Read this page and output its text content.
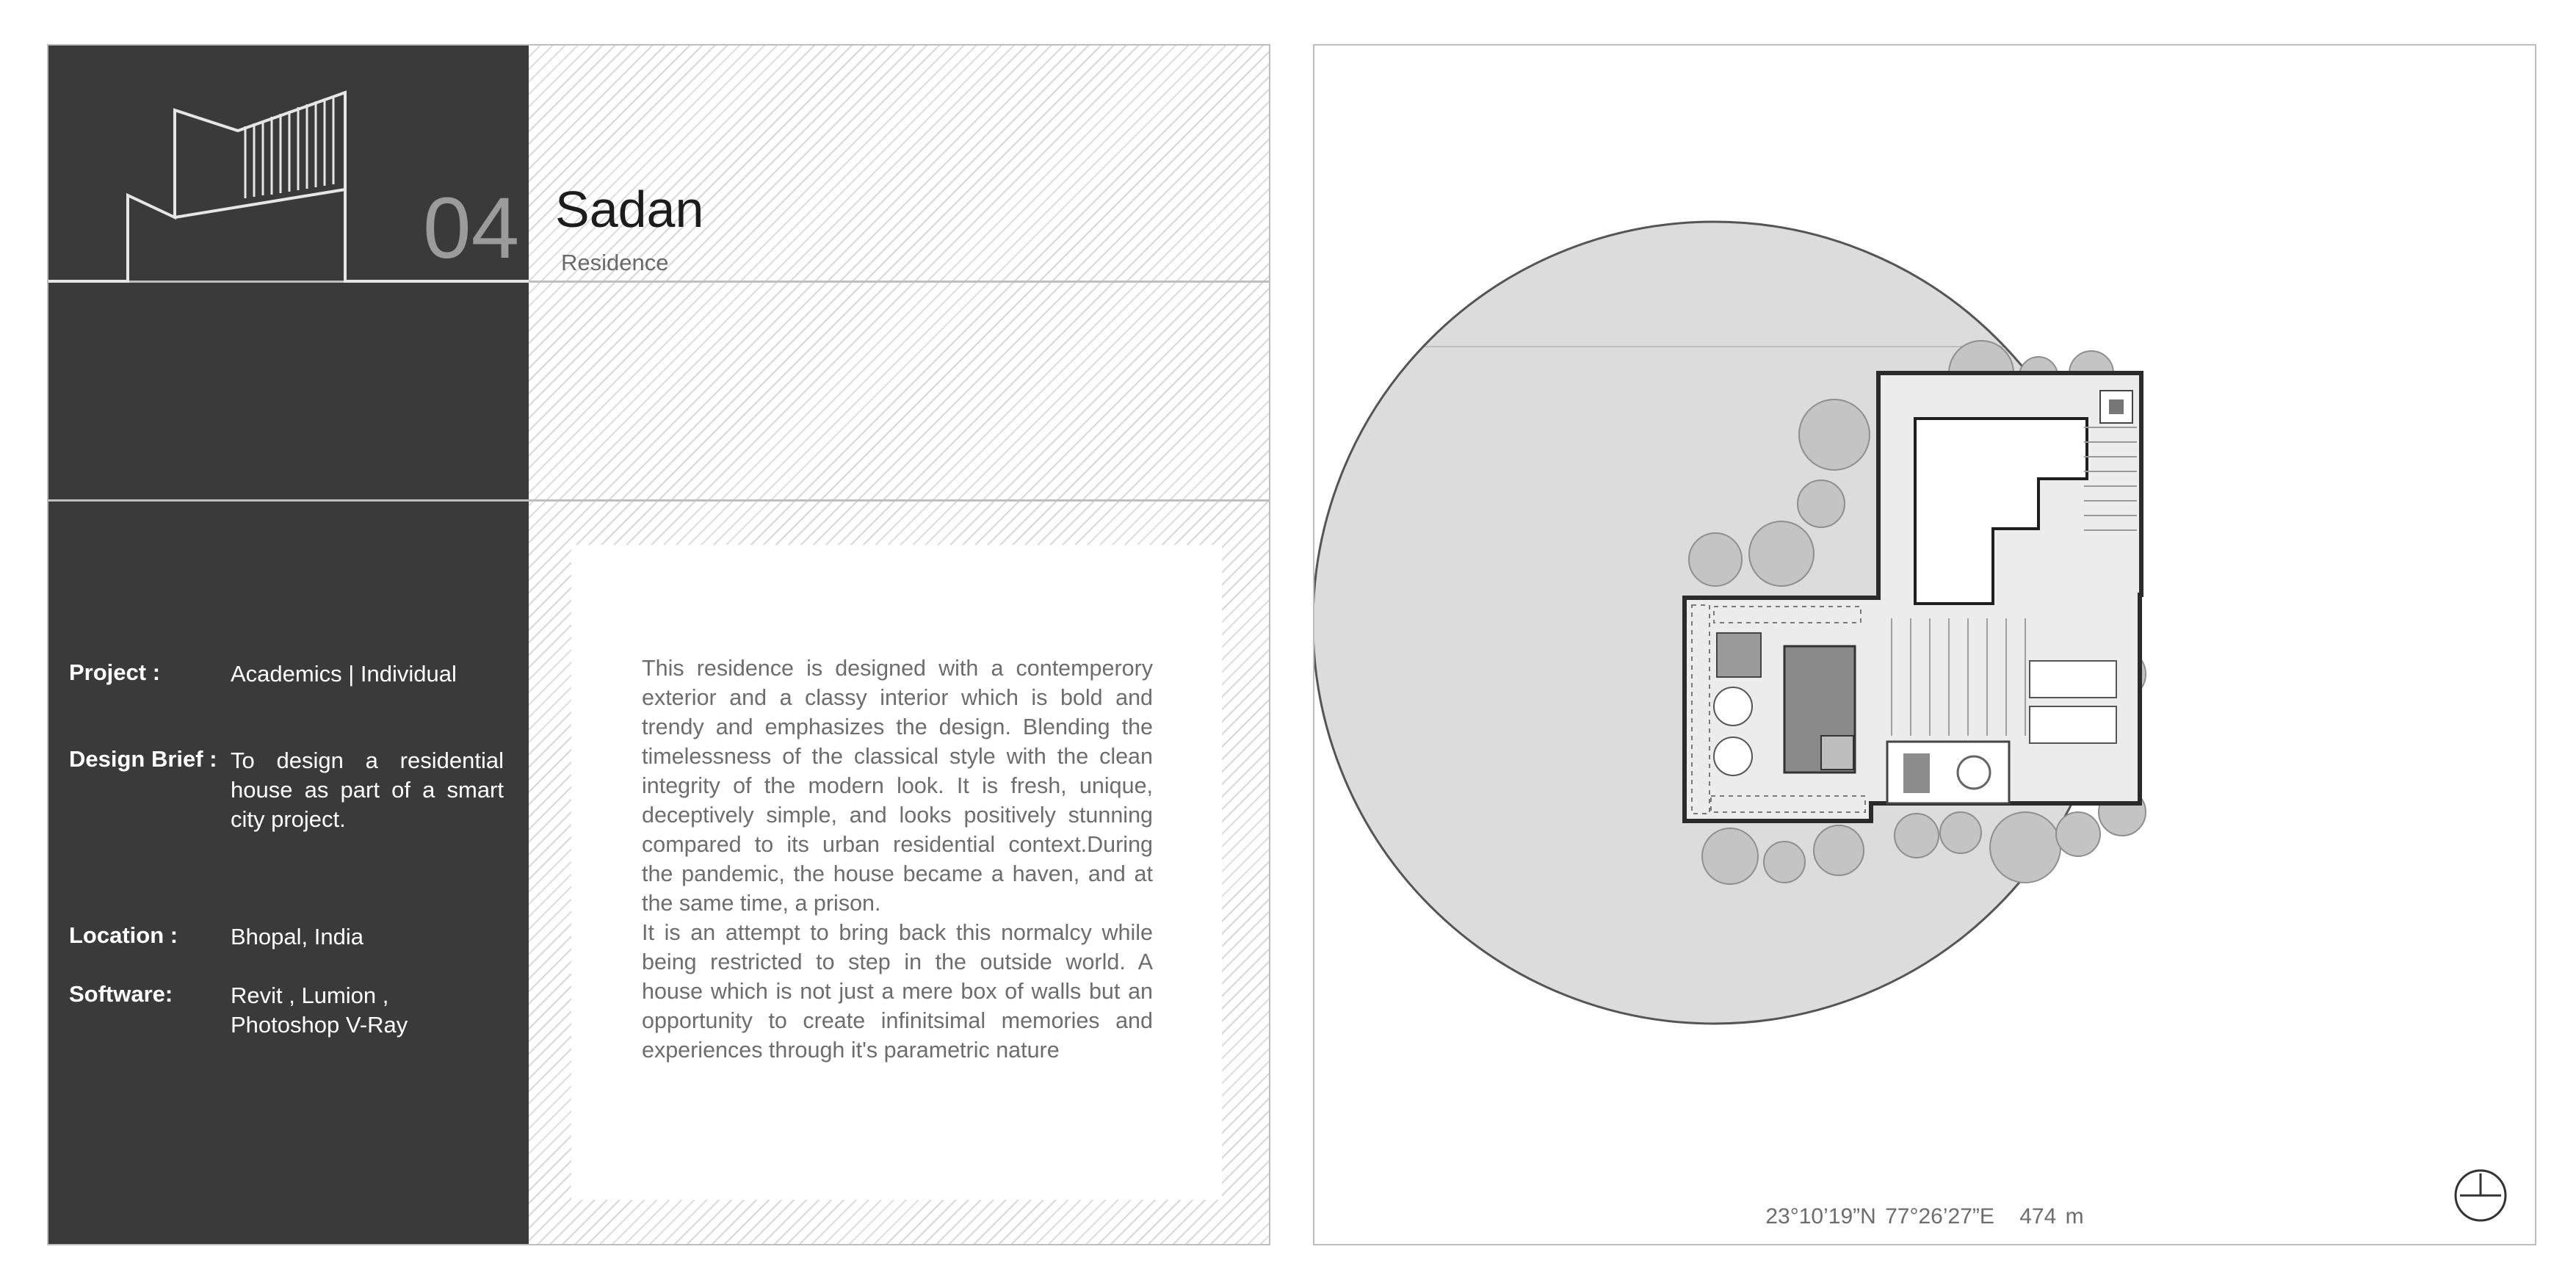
04 Sadan
Residence
Project :	Academics | Individual
Design Brief : To design a residential house as part of a smart city project.
Location : Bhopal, India
Software:	Revit , Lumion , Photoshop V-Ray

This residence is designed with a contemperory exterior and a classy interior which is bold and trendy and emphasizes the design. Blending the timelessness of the classical style with the clean integrity of the modern look. It is fresh, unique, deceptively simple, and looks positively stunning compared to its urban residential context.During the pandemic, the house became a haven, and at the same time, a prison.

It is an attempt to bring back this normalcy while being restricted to step in the outside world. A house which is not just a mere box of walls but an opportunity to create infinitsimal memories and experiences through it's parametric nature

23°10’19”N 77°26’27”E 474 m
